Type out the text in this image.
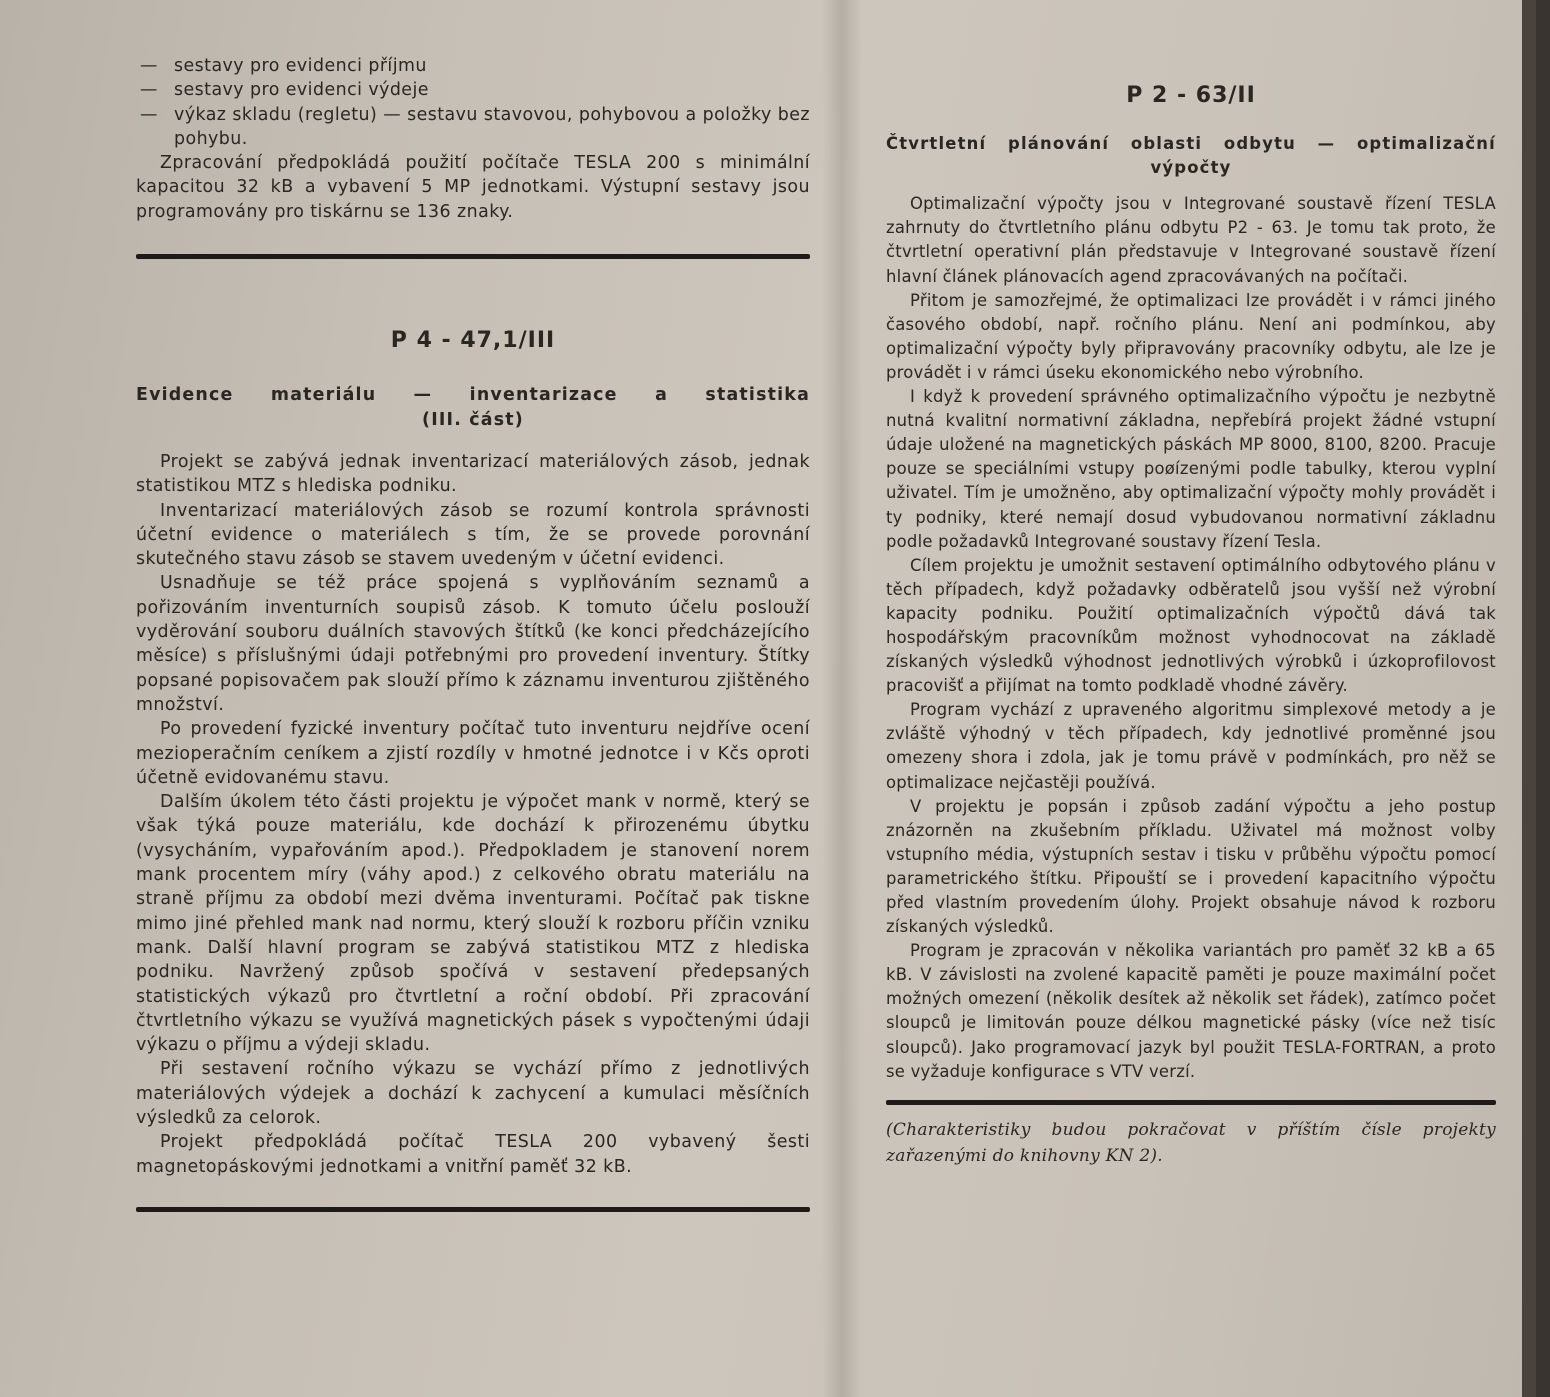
— sestavy pro evidenci příjmu
— sestavy pro evidenci výdeje
— výkaz skladu (regletu) — sestavu stavovou, pohybovou a položky bez pohybu.

Zpracování předpokládá použití počítače TESLA 200 s minimální kapacitou 32 kB a vybavení 5 MP jednotkami. Výstupní sestavy jsou programovány pro tiskárnu se 136 znaky.

P 4 - 47,1/III
Evidence materiálu — inventarizace a statistika
(III. část)

Projekt se zabývá jednak inventarizací materiálových zásob, jednak statistikou MTZ s hlediska podniku.

Inventarizací materiálových zásob se rozumí kontrola správnosti účetní evidence o materiálech s tím, že se provede porovnání skutečného stavu zásob se stavem uvedeným v účetní evidenci.

Usnadňuje se též práce spojená s vyplňováním seznamů a pořizováním inventurních soupisů zásob. K tomuto účelu poslouží vyděrování souboru duálních stavových štítků (ke konci předcházejícího měsíce) s příslušnými údaji potřebnými pro provedení inventury. Štítky popsané popisovačem pak slouží přímo k záznamu inventurou zjištěného množství.

Po provedení fyzické inventury počítač tuto inventuru nejdříve ocení mezioperačním ceníkem a zjistí rozdíly v hmotné jednotce i v Kčs oproti účetně evidovanému stavu.

Dalším úkolem této části projektu je výpočet mank v normě, který se však týká pouze materiálu, kde dochází k přirozenému úbytku (vysycháním, vypařováním apod.). Předpokladem je stanovení norem mank procentem míry (váhy apod.) z celkového obratu materiálu na straně příjmu za období mezi dvěma inventurami. Počítač pak tiskne mimo jiné přehled mank nad normu, který slouží k rozboru příčin vzniku mank. Další hlavní program se zabývá statistikou MTZ z hlediska podniku. Navržený způsob spočívá v sestavení předepsaných statistických výkazů pro čtvrtletní a roční období. Při zpracování čtvrtletního výkazu se využívá magnetických pásek s vypočtenými údaji výkazu o příjmu a výdeji skladu.

Při sestavení ročního výkazu se vychází přímo z jednotlivých materiálových výdejek a dochází k zachycení a kumulaci měsíčních výsledků za celorok.

Projekt předpokládá počítač TESLA 200 vybavený šesti magnetopáskovými jednotkami a vnitřní paměť 32 kB.

P 2 - 63/II
Čtvrtletní plánování oblasti odbytu — optimalizační
výpočty

Optimalizační výpočty jsou v Integrované soustavě řízení TESLA zahrnuty do čtvrtletního plánu odbytu P2 - 63. Je tomu tak proto, že čtvrtletní operativní plán představuje v Integrované soustavě řízení hlavní článek plánovacích agend zpracovávaných na počítači.

Přitom je samozřejmé, že optimalizaci lze provádět i v rámci jiného časového období, např. ročního plánu. Není ani podmínkou, aby optimalizační výpočty byly připravovány pracovníky odbytu, ale lze je provádět i v rámci úseku ekonomického nebo výrobního.

I když k provedení správného optimalizačního výpočtu je nezbytně nutná kvalitní normativní základna, nepřebírá projekt žádné vstupní údaje uložené na magnetických páskách MP 8000, 8100, 8200. Pracuje pouze se speciálními vstupy poøízenými podle tabulky, kterou vyplní uživatel. Tím je umožněno, aby optimalizační výpočty mohly provádět i ty podniky, které nemají dosud vybudovanou normativní základnu podle požadavků Integrované soustavy řízení Tesla.

Cílem projektu je umožnit sestavení optimálního odbytového plánu v těch případech, když požadavky odběratelů jsou vyšší než výrobní kapacity podniku. Použití optimalizačních výpočtů dává tak hospodářským pracovníkům možnost vyhodnocovat na základě získaných výsledků výhodnost jednotlivých výrobků i úzkoprofilovost pracovišť a přijímat na tomto podkladě vhodné závěry.

Program vychází z upraveného algoritmu simplexové metody a je zvláště výhodný v těch případech, kdy jednotlivé proměnné jsou omezeny shora i zdola, jak je tomu právě v podmínkách, pro něž se optimalizace nejčastěji používá.

V projektu je popsán i způsob zadání výpočtu a jeho postup znázorněn na zkušebním příkladu. Uživatel má možnost volby vstupního média, výstupních sestav i tisku v průběhu výpočtu pomocí parametrického štítku. Připouští se i provedení kapacitního výpočtu před vlastním provedením úlohy. Projekt obsahuje návod k rozboru získaných výsledků.

Program je zpracován v několika variantách pro paměť 32 kB a 65 kB. V závislosti na zvolené kapacitě paměti je pouze maximální počet možných omezení (několik desítek až několik set řádek), zatímco počet sloupců je limitován pouze délkou magnetické pásky (více než tisíc sloupců). Jako programovací jazyk byl použit TESLA-FORTRAN, a proto se vyžaduje konfigurace s VTV verzí.

(Charakteristiky budou pokračovat v příštím čísle projekty zařazenými do knihovny KN 2).
